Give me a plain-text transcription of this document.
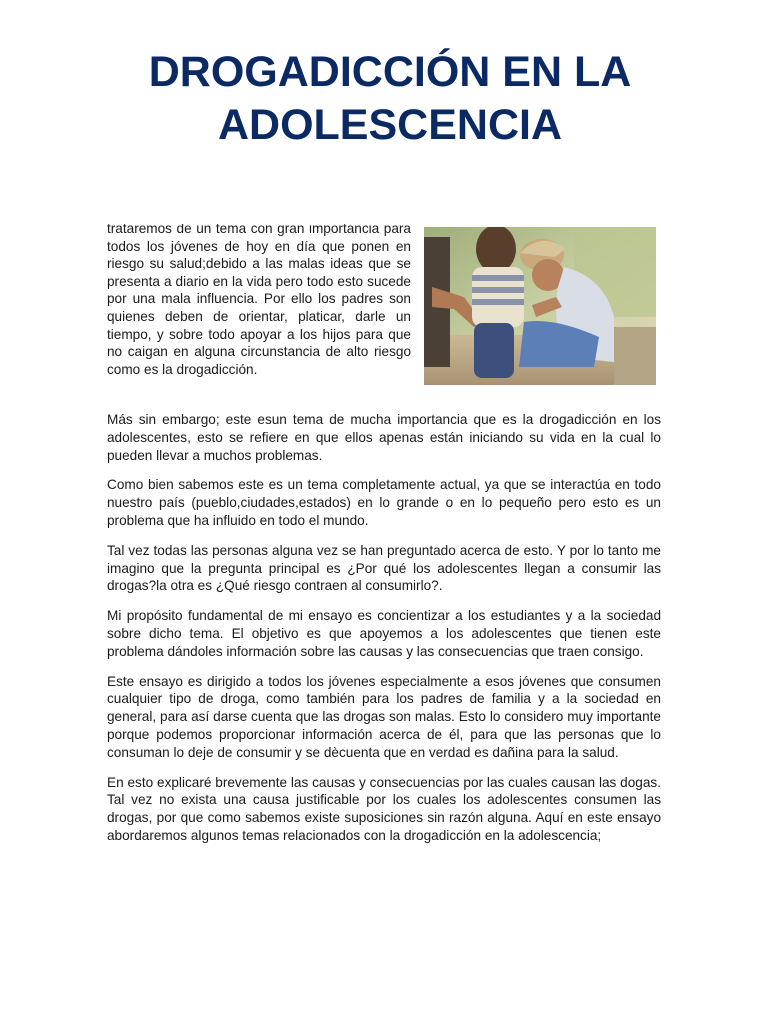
DROGADICCIÓN EN LA ADOLESCENCIA

trataremos de un tema con gran importancia para todos los jóvenes de hoy en día que ponen en riesgo su salud;debido a las malas ideas que se presenta a diario en la vida pero todo esto sucede por una mala influencia. Por ello los padres son quienes deben de orientar, platicar, darle un tiempo, y sobre todo apoyar a los hijos para que no caigan en alguna circunstancia de alto riesgo como es la drogadicción.

Más sin embargo; este esun tema de mucha importancia que es la drogadicción en los adolescentes, esto se refiere en que ellos apenas están iniciando su vida en la cual lo pueden llevar a muchos problemas.

Como bien sabemos este es un tema completamente actual, ya que se interactúa en todo nuestro país (pueblo,ciudades,estados) en lo grande o en lo pequeño pero esto es un problema que ha influido en todo el mundo.

Tal vez todas las personas alguna vez se han preguntado acerca de esto. Y por lo tanto me imagino que la pregunta principal es ¿Por qué los adolescentes llegan a consumir las drogas?la otra es ¿Qué riesgo contraen al consumirlo?.

Mi propósito fundamental de mi ensayo es concientizar a los estudiantes y a la sociedad sobre dicho tema. El objetivo es que apoyemos a los adolescentes que tienen este problema dándoles información sobre las causas y las consecuencias que traen consigo.

Este ensayo es dirigido a todos los jóvenes especialmente a esos jóvenes que consumen cualquier tipo de droga, como también para los padres de familia y a la sociedad en general, para así darse cuenta que las drogas son malas. Esto lo considero muy importante porque podemos proporcionar información acerca de él, para que las personas que lo consuman lo deje de consumir y se dècuenta que en verdad es dañina para la salud.

En esto explicaré brevemente las causas y consecuencias por las cuales causan las dogas. Tal vez no exista una causa justificable por los cuales los adolescentes consumen las drogas, por que como sabemos existe suposiciones sin razón alguna. Aquí en este ensayo abordaremos algunos temas relacionados con la drogadicción en la adolescencia;
